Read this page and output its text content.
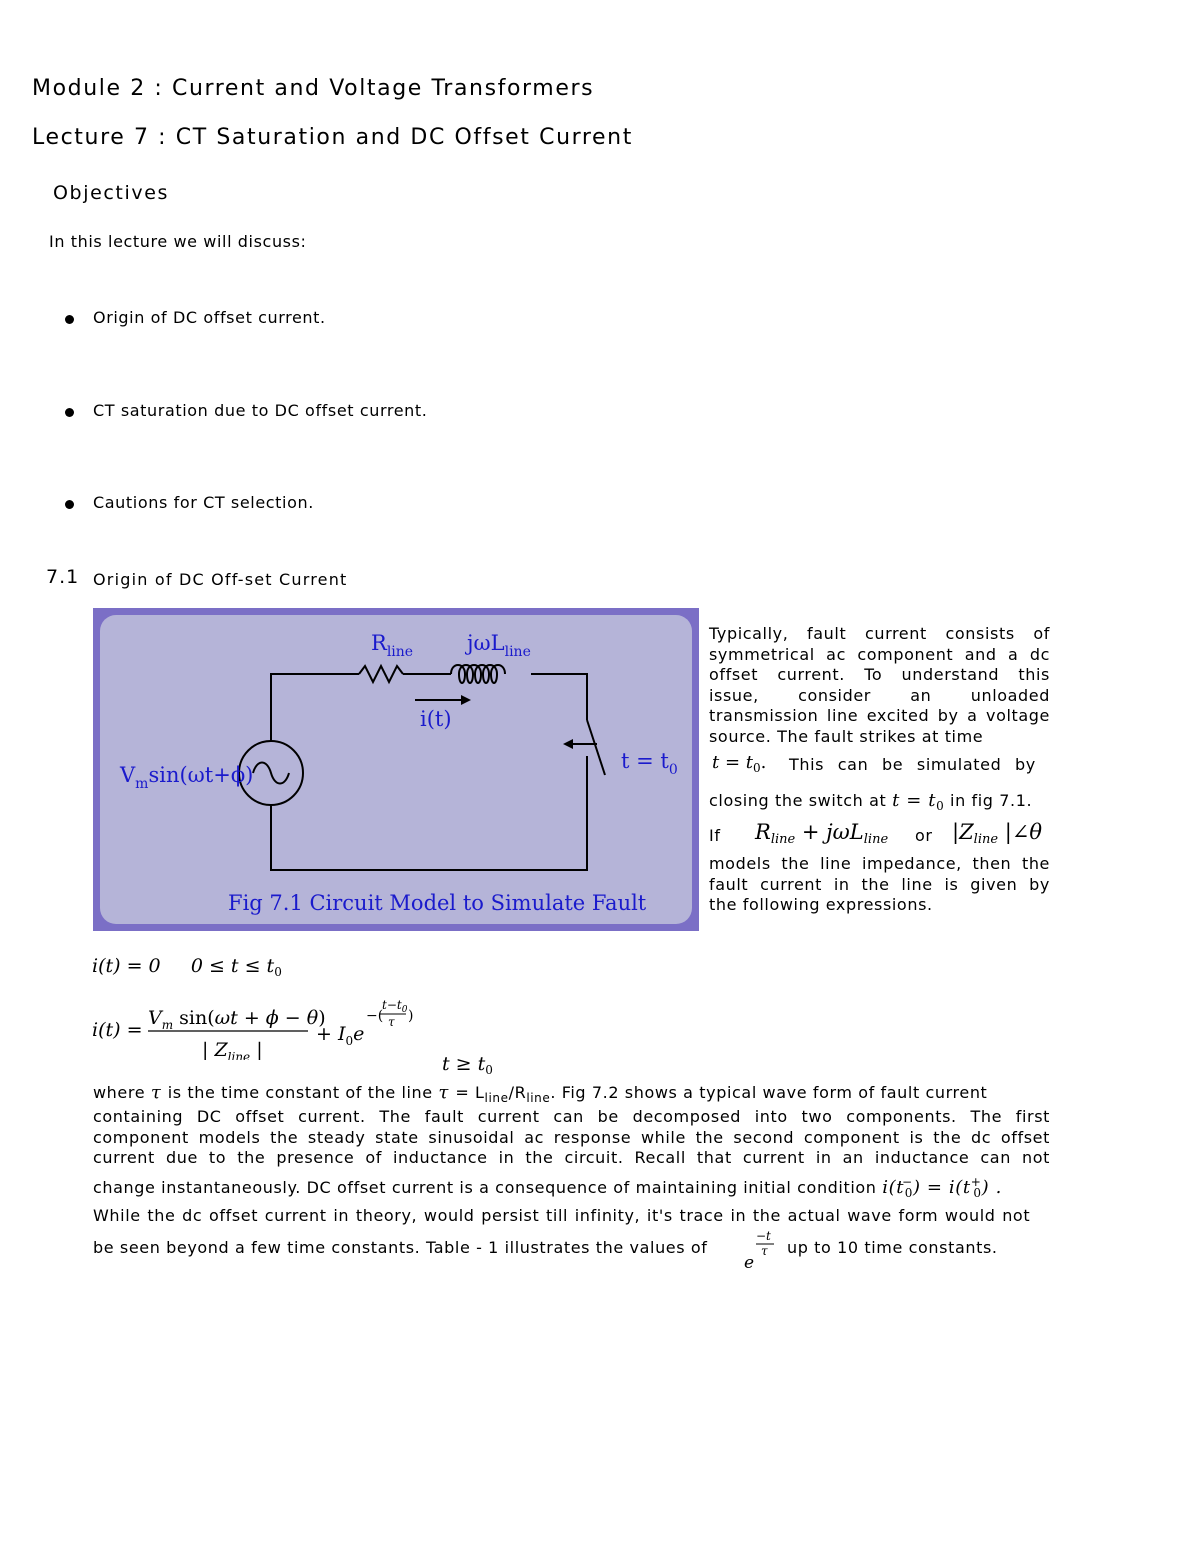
Module 2 : Current and Voltage Transformers
Lecture 7 : CT Saturation and DC Offset Current
Objectives
In this lecture we will discuss:
Origin of DC offset current.
CT saturation due to DC offset current.
Cautions for CT selection.
7.1 Origin of DC Off-set Current
$R_{line}$	jωL$_{line}$
i(t)
$V_m\sin(\omega t+\phi)$
$t = t_0$
Fig 7.1 Circuit Model to Simulate Fault
Typically, fault current consists of
symmetrical ac component and a dc
offset current. To understand this
issue, consider an unloaded
transmission line excited by a voltage
source. The fault strikes at time
$t = t_0$. This can be simulated by
closing the switch at $t = t_0$ in fig 7.1.
If $R_{line} + j\omega L_{line}$ or $|Z_{line}$ |∠θ
models the line impedance, then the
fault current in the line is given by
the following expressions.
i(t) = 0     $0 \le t \le t_0$
i(t) =
$V_m$ sin(ωt + ϕ − θ)
| $Z_{line}$ |
+ $I_0e$
−(
$t-t_0$
τ )
$t \ge t_0$
where τ is the time constant of the line $\tau = L_{line}/R_{line}$. Fig 7.2 shows a typical wave form of fault current
containing DC offset current. The fault current can be decomposed into two components. The first
component models the steady state sinusoidal ac response while the second component is the dc offset
current due to the presence of inductance in the circuit. Recall that current in an inductance can not
change instantaneously. DC offset current is a consequence of maintaining initial condition $i(t^-_0) = i(t^+_0)$ .
While the dc offset current in theory, would persist till infinity, it's trace in the actual wave form would not
be seen beyond a few time constants. Table - 1 illustrates the values of
−t
τ
e
up to 10 time constants.
